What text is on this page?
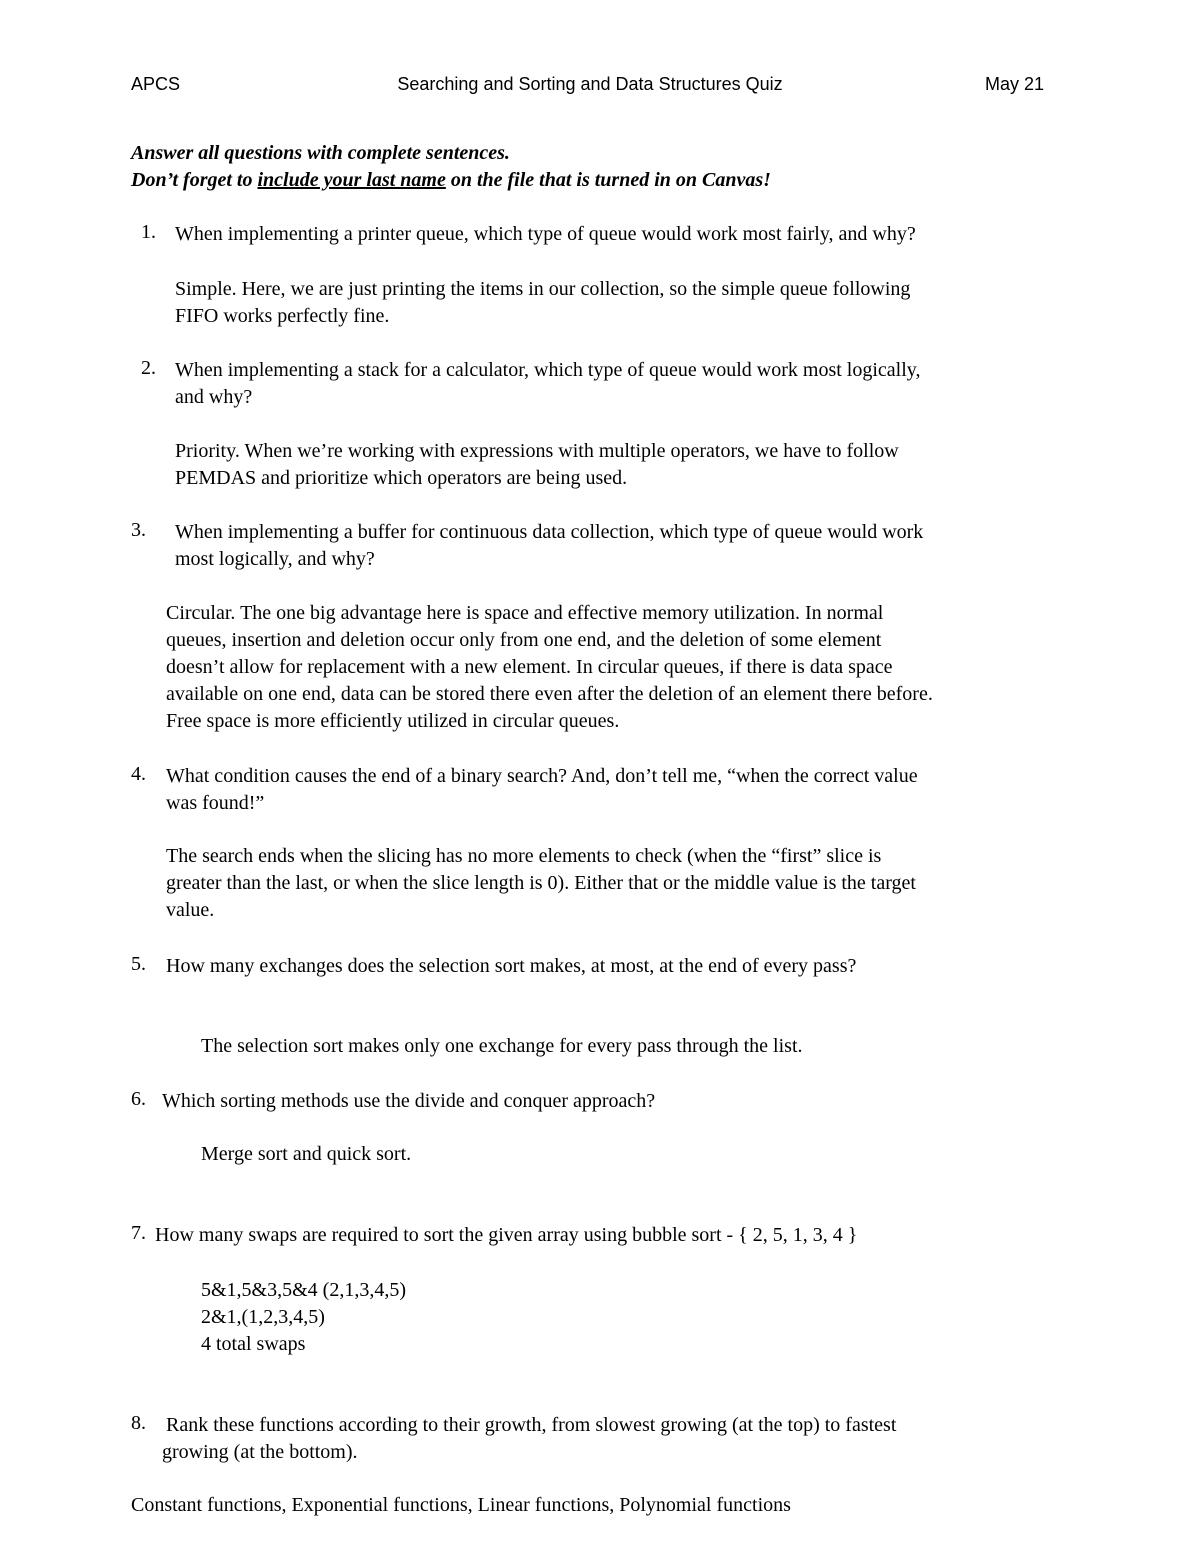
APCS	Searching and Sorting and Data Structures Quiz	May 21
Answer all questions with complete sentences.
Don’t forget to include your last name on the file that is turned in on Canvas!
1. When implementing a printer queue, which type of queue would work most fairly, and why?
Simple. Here, we are just printing the items in our collection, so the simple queue following
FIFO works perfectly fine.
2. When implementing a stack for a calculator, which type of queue would work most logically,
and why?
Priority. When we’re working with expressions with multiple operators, we have to follow
PEMDAS and prioritize which operators are being used.
3. When implementing a buffer for continuous data collection, which type of queue would work
most logically, and why?
Circular. The one big advantage here is space and effective memory utilization. In normal
queues, insertion and deletion occur only from one end, and the deletion of some element
doesn’t allow for replacement with a new element. In circular queues, if there is data space
available on one end, data can be stored there even after the deletion of an element there before.
Free space is more efficiently utilized in circular queues.
4. What condition causes the end of a binary search? And, don’t tell me, “when the correct value
was found!”
The search ends when the slicing has no more elements to check (when the “first” slice is
greater than the last, or when the slice length is 0). Either that or the middle value is the target
value.
5. How many exchanges does the selection sort makes, at most, at the end of every pass?
The selection sort makes only one exchange for every pass through the list.
6. Which sorting methods use the divide and conquer approach?
Merge sort and quick sort.
7. How many swaps are required to sort the given array using bubble sort - { 2, 5, 1, 3, 4 }
5&1,5&3,5&4 (2,1,3,4,5)
2&1,(1,2,3,4,5)
4 total swaps
8. Rank these functions according to their growth, from slowest growing (at the top) to fastest
growing (at the bottom).
Constant functions, Exponential functions, Linear functions, Polynomial functions
